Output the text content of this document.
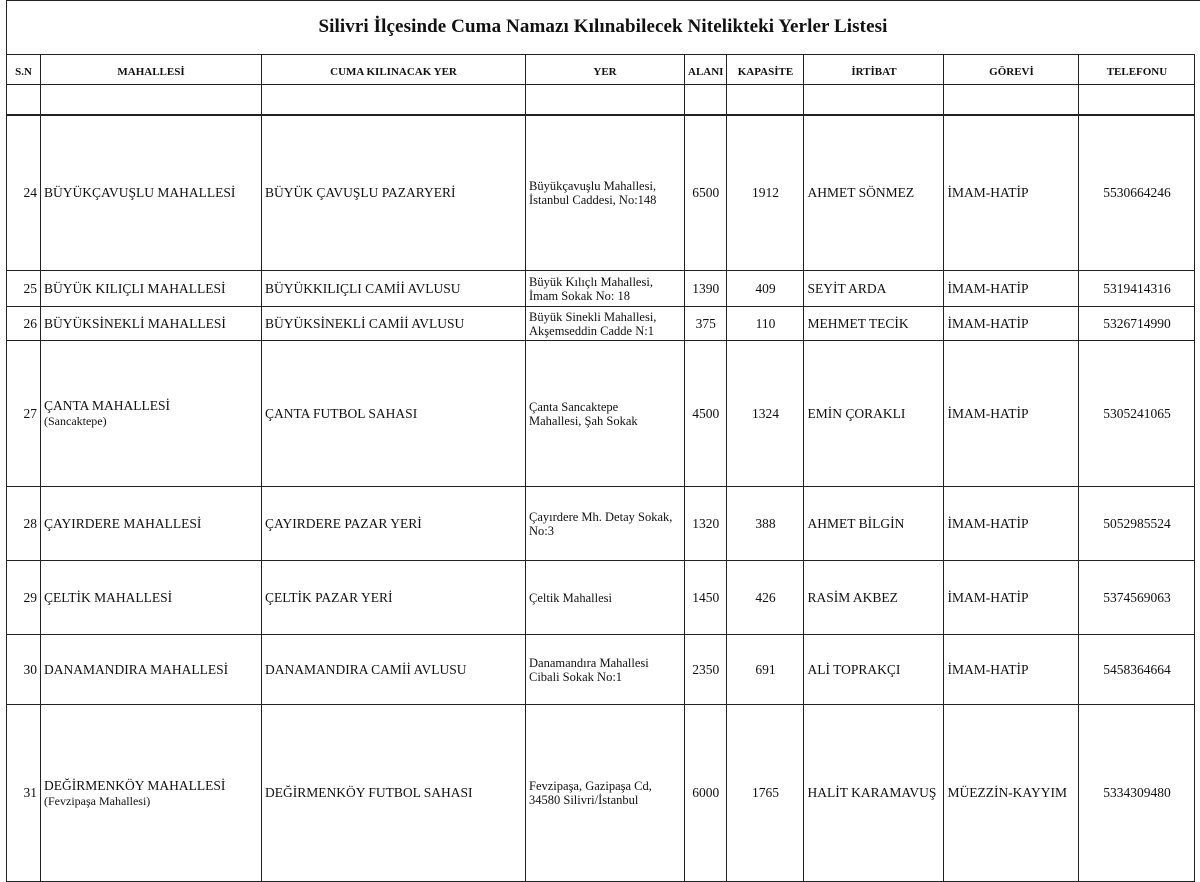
Silivri İlçesinde Cuma Namazı Kılınabilecek Nitelikteki Yerler Listesi
S.N	MAHALLESİ	CUMA KILINACAK YER	YER	ALANI	KAPASİTE	İRTİBAT	GÖREVİ	TELEFONU

24	BÜYÜKÇAVUŞLU MAHALLESİ	BÜYÜK ÇAVUŞLU PAZARYERİ	Büyükçavuşlu Mahallesi,
İstanbul Caddesi, No:148	6500	1912	AHMET SÖNMEZ	İMAM-HATİP	5530664246
25	BÜYÜK KILIÇLI MAHALLESİ	BÜYÜKKILIÇLI CAMİİ AVLUSU	Büyük Kılıçlı Mahallesi,
İmam Sokak No: 18	1390	409	SEYİT ARDA	İMAM-HATİP	5319414316
26	BÜYÜKSİNEKLİ MAHALLESİ	BÜYÜKSİNEKLİ CAMİİ AVLUSU	Büyük Sinekli Mahallesi,
Akşemseddin Cadde N:1	375	110	MEHMET TECİK	İMAM-HATİP	5326714990
27	ÇANTA MAHALLESİ
(Sancaktepe)	ÇANTA FUTBOL SAHASI	Çanta Sancaktepe
Mahallesi, Şah Sokak	4500	1324	EMİN ÇORAKLI	İMAM-HATİP	5305241065
28	ÇAYIRDERE MAHALLESİ	ÇAYIRDERE PAZAR YERİ	Çayırdere Mh. Detay Sokak,
No:3	1320	388	AHMET BİLGİN	İMAM-HATİP	5052985524
29	ÇELTİK MAHALLESİ	ÇELTİK PAZAR YERİ	Çeltik Mahallesi	1450	426	RASİM AKBEZ	İMAM-HATİP	5374569063
30	DANAMANDIRA MAHALLESİ	DANAMANDIRA CAMİİ AVLUSU	Danamandıra Mahallesi
Cibali Sokak No:1	2350	691	ALİ TOPRAKÇI	İMAM-HATİP	5458364664
31	DEĞİRMENKÖY MAHALLESİ
(Fevzipaşa Mahallesi)	DEĞİRMENKÖY FUTBOL SAHASI	Fevzipaşa, Gazipaşa Cd,
34580 Silivri/İstanbul	6000	1765	HALİT KARAMAVUŞ	MÜEZZİN-KAYYIM	5334309480
